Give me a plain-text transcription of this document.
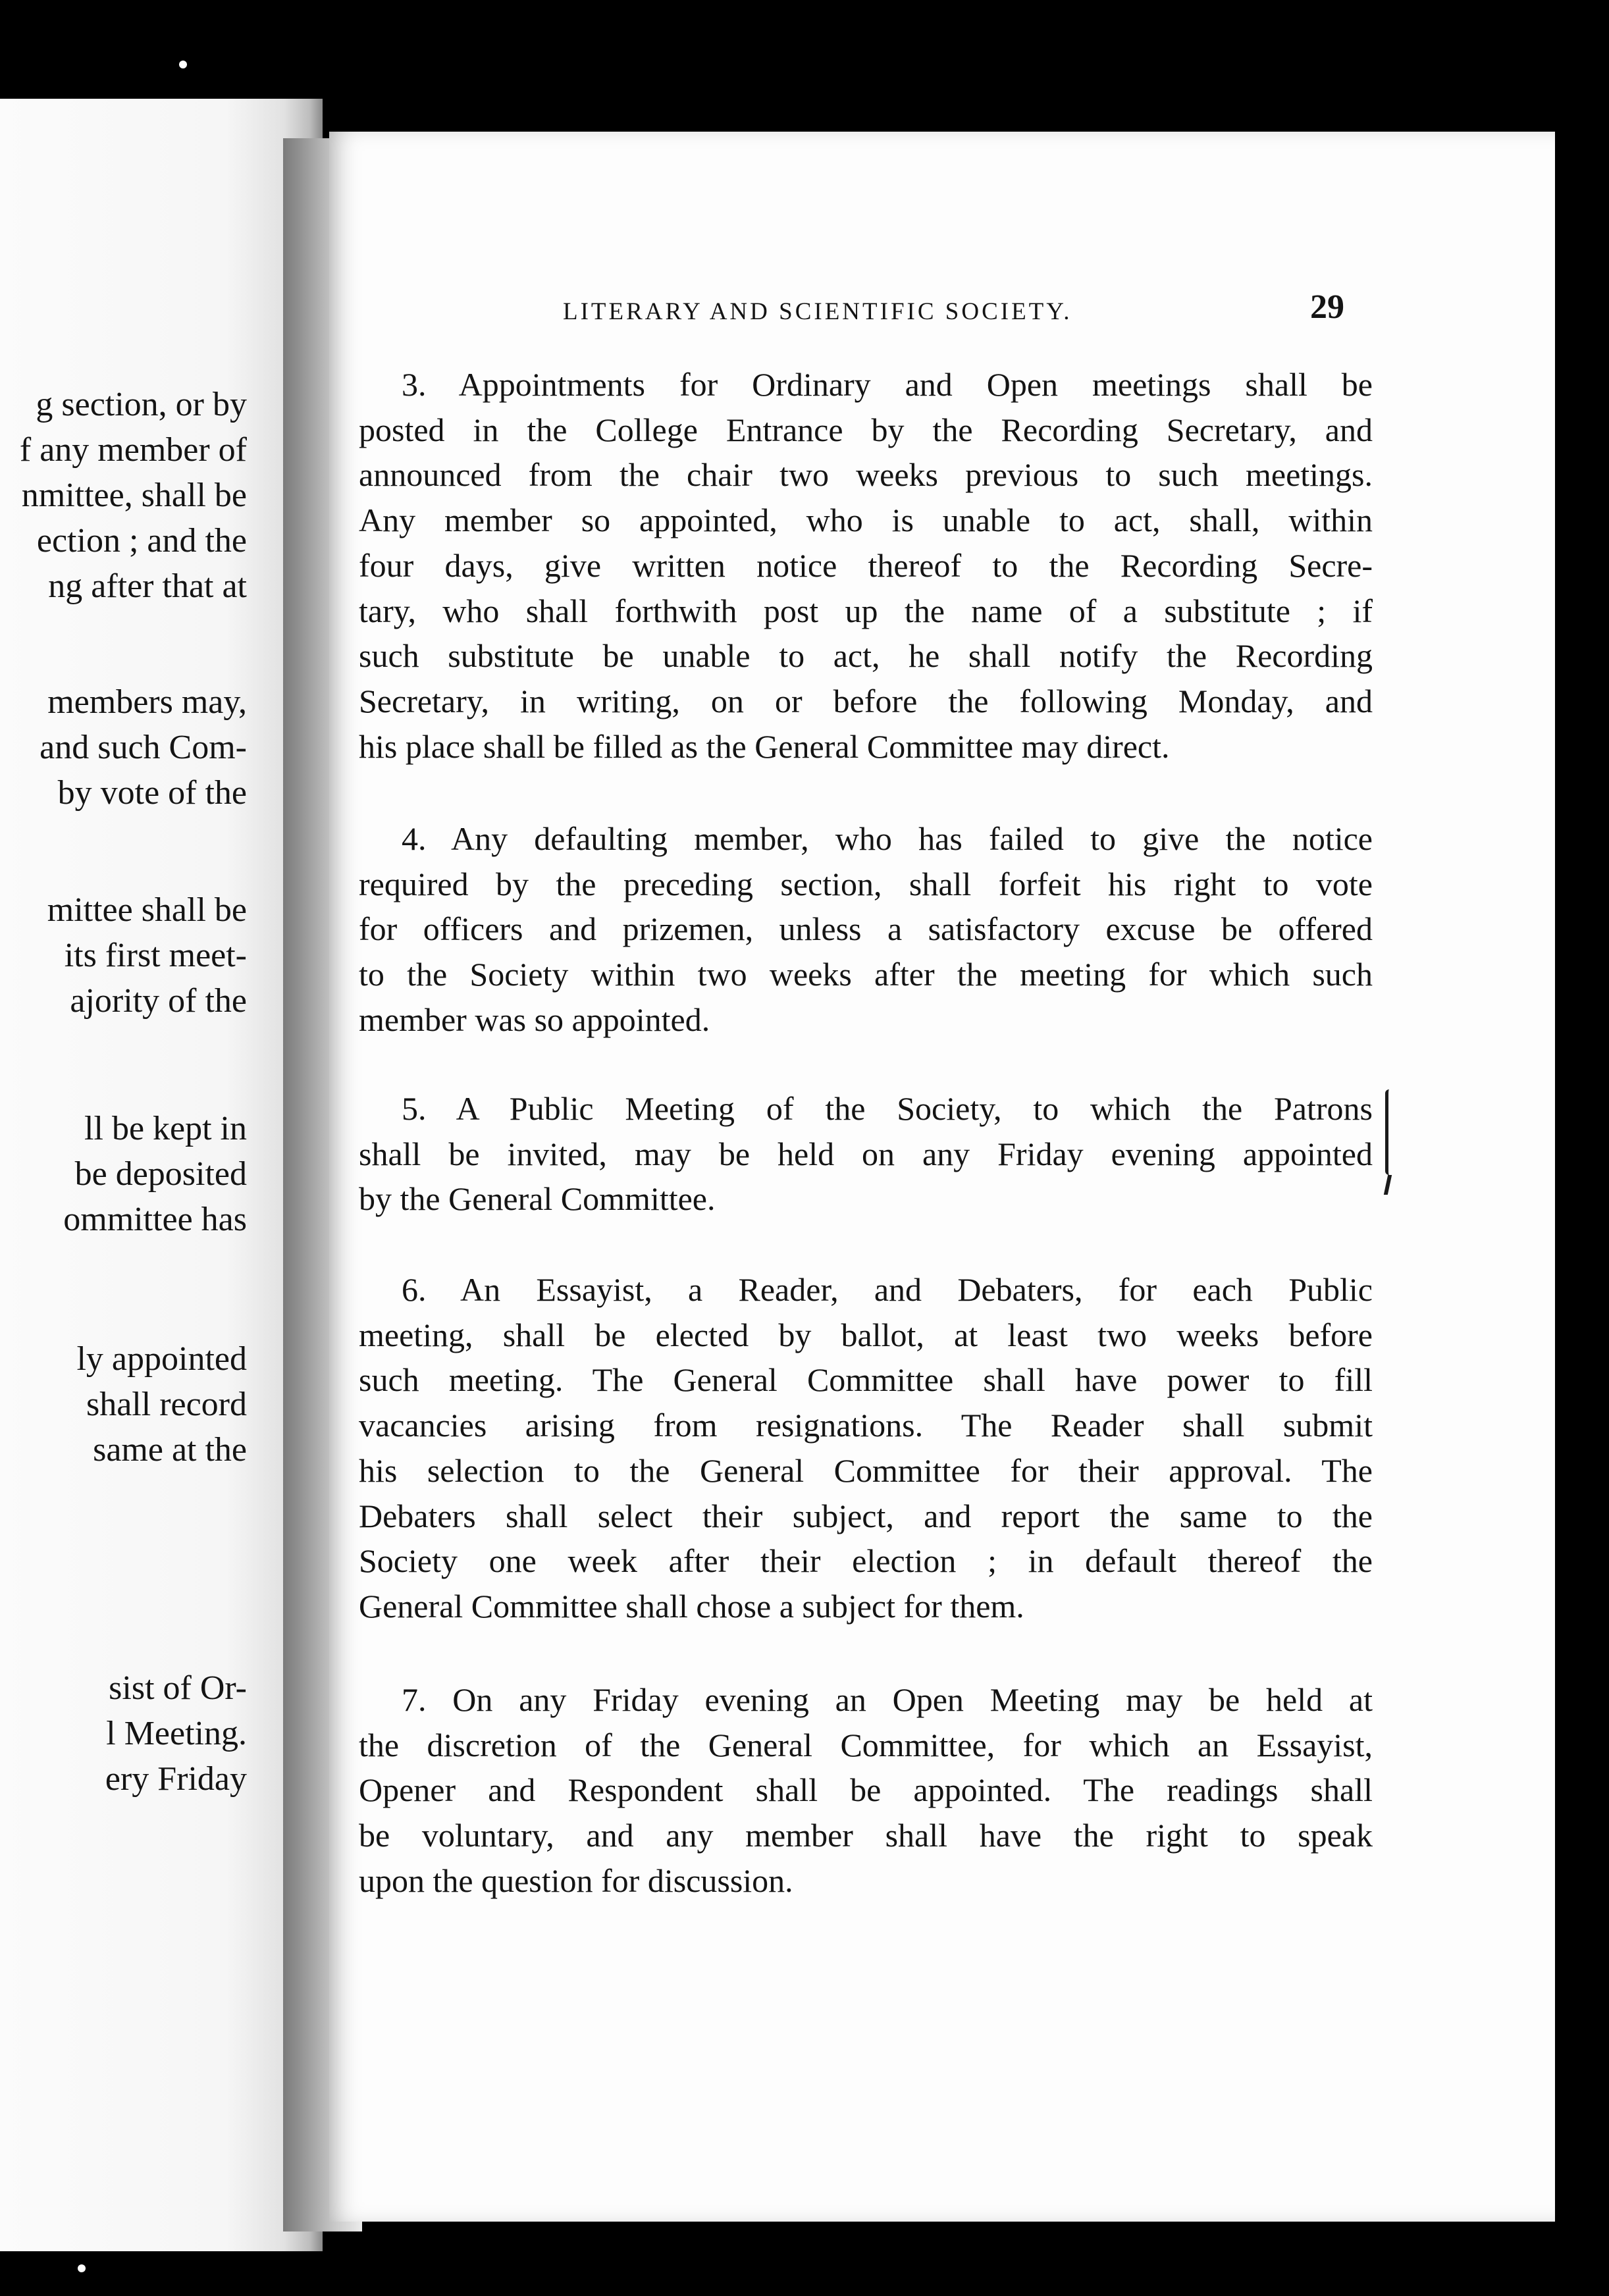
g section, or by
f any member of
nmittee, shall be
ection ; and the
ng after that at
members may,
and such Com-
by vote of the
mittee shall be
its first meet-
ajority of the
ll be kept in
be deposited
ommittee has
ly appointed
shall record
same at the
sist of Or-
l Meeting.
ery Friday
LITERARY AND SCIENTIFIC SOCIETY.	29
3. Appointments for Ordinary and Open meetings shall be
posted in the College Entrance by the Recording Secretary, and
announced from the chair two weeks previous to such meetings.
Any member so appointed, who is unable to act, shall, within
four days, give written notice thereof to the Recording Secre-
tary, who shall forthwith post up the name of a substitute ; if
such substitute be unable to act, he shall notify the Recording
Secretary, in writing, on or before the following Monday, and
his place shall be filled as the General Committee may direct.
4. Any defaulting member, who has failed to give the notice
required by the preceding section, shall forfeit his right to vote
for officers and prizemen, unless a satisfactory excuse be offered
to the Society within two weeks after the meeting for which such
member was so appointed.
5. A Public Meeting of the Society, to which the Patrons
shall be invited, may be held on any Friday evening appointed
by the General Committee.
6. An Essayist, a Reader, and Debaters, for each Public
meeting, shall be elected by ballot, at least two weeks before
such meeting. The General Committee shall have power to fill
vacancies arising from resignations. The Reader shall submit
his selection to the General Committee for their approval. The
Debaters shall select their subject, and report the same to the
Society one week after their election ; in default thereof the
General Committee shall chose a subject for them.
7. On any Friday evening an Open Meeting may be held at
the discretion of the General Committee, for which an Essayist,
Opener and Respondent shall be appointed. The readings shall
be voluntary, and any member shall have the right to speak
upon the question for discussion.
